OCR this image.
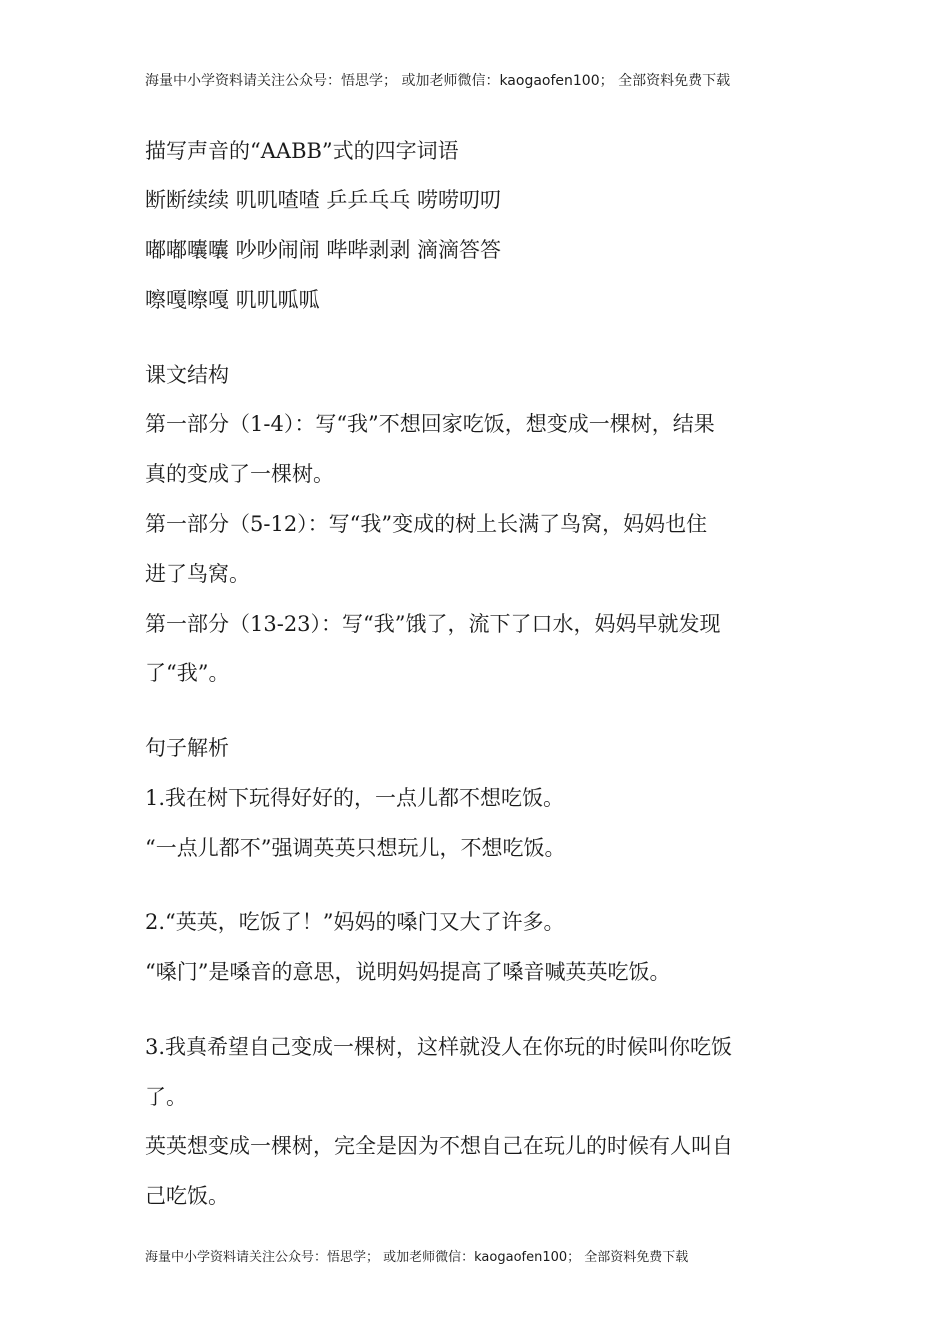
海量中小学资料请关注公众号：悟思学； 或加老师微信：kaogaofen100； 全部资料免费下载
描写声音的“AABB”式的四字词语
断断续续 叽叽喳喳 乒乒乓乓 唠唠叨叨
嘟嘟囔囔 吵吵闹闹 哔哔剥剥 滴滴答答
嚓嘎嚓嘎 叽叽呱呱
课文结构
第一部分（1-4）：写“我”不想回家吃饭，想变成一棵树，结果
真的变成了一棵树。
第一部分（5-12）：写“我”变成的树上长满了鸟窝，妈妈也住
进了鸟窝。
第一部分（13-23）：写“我”饿了，流下了口水，妈妈早就发现
了“我”。
句子解析
1.我在树下玩得好好的，一点儿都不想吃饭。
“一点儿都不”强调英英只想玩儿，不想吃饭。
2.“英英，吃饭了！”妈妈的嗓门又大了许多。
“嗓门”是嗓音的意思，说明妈妈提高了嗓音喊英英吃饭。
3.我真希望自己变成一棵树，这样就没人在你玩的时候叫你吃饭
了。
英英想变成一棵树，完全是因为不想自己在玩儿的时候有人叫自
己吃饭。
海量中小学资料请关注公众号：悟思学； 或加老师微信：kaogaofen100； 全部资料免费下载
